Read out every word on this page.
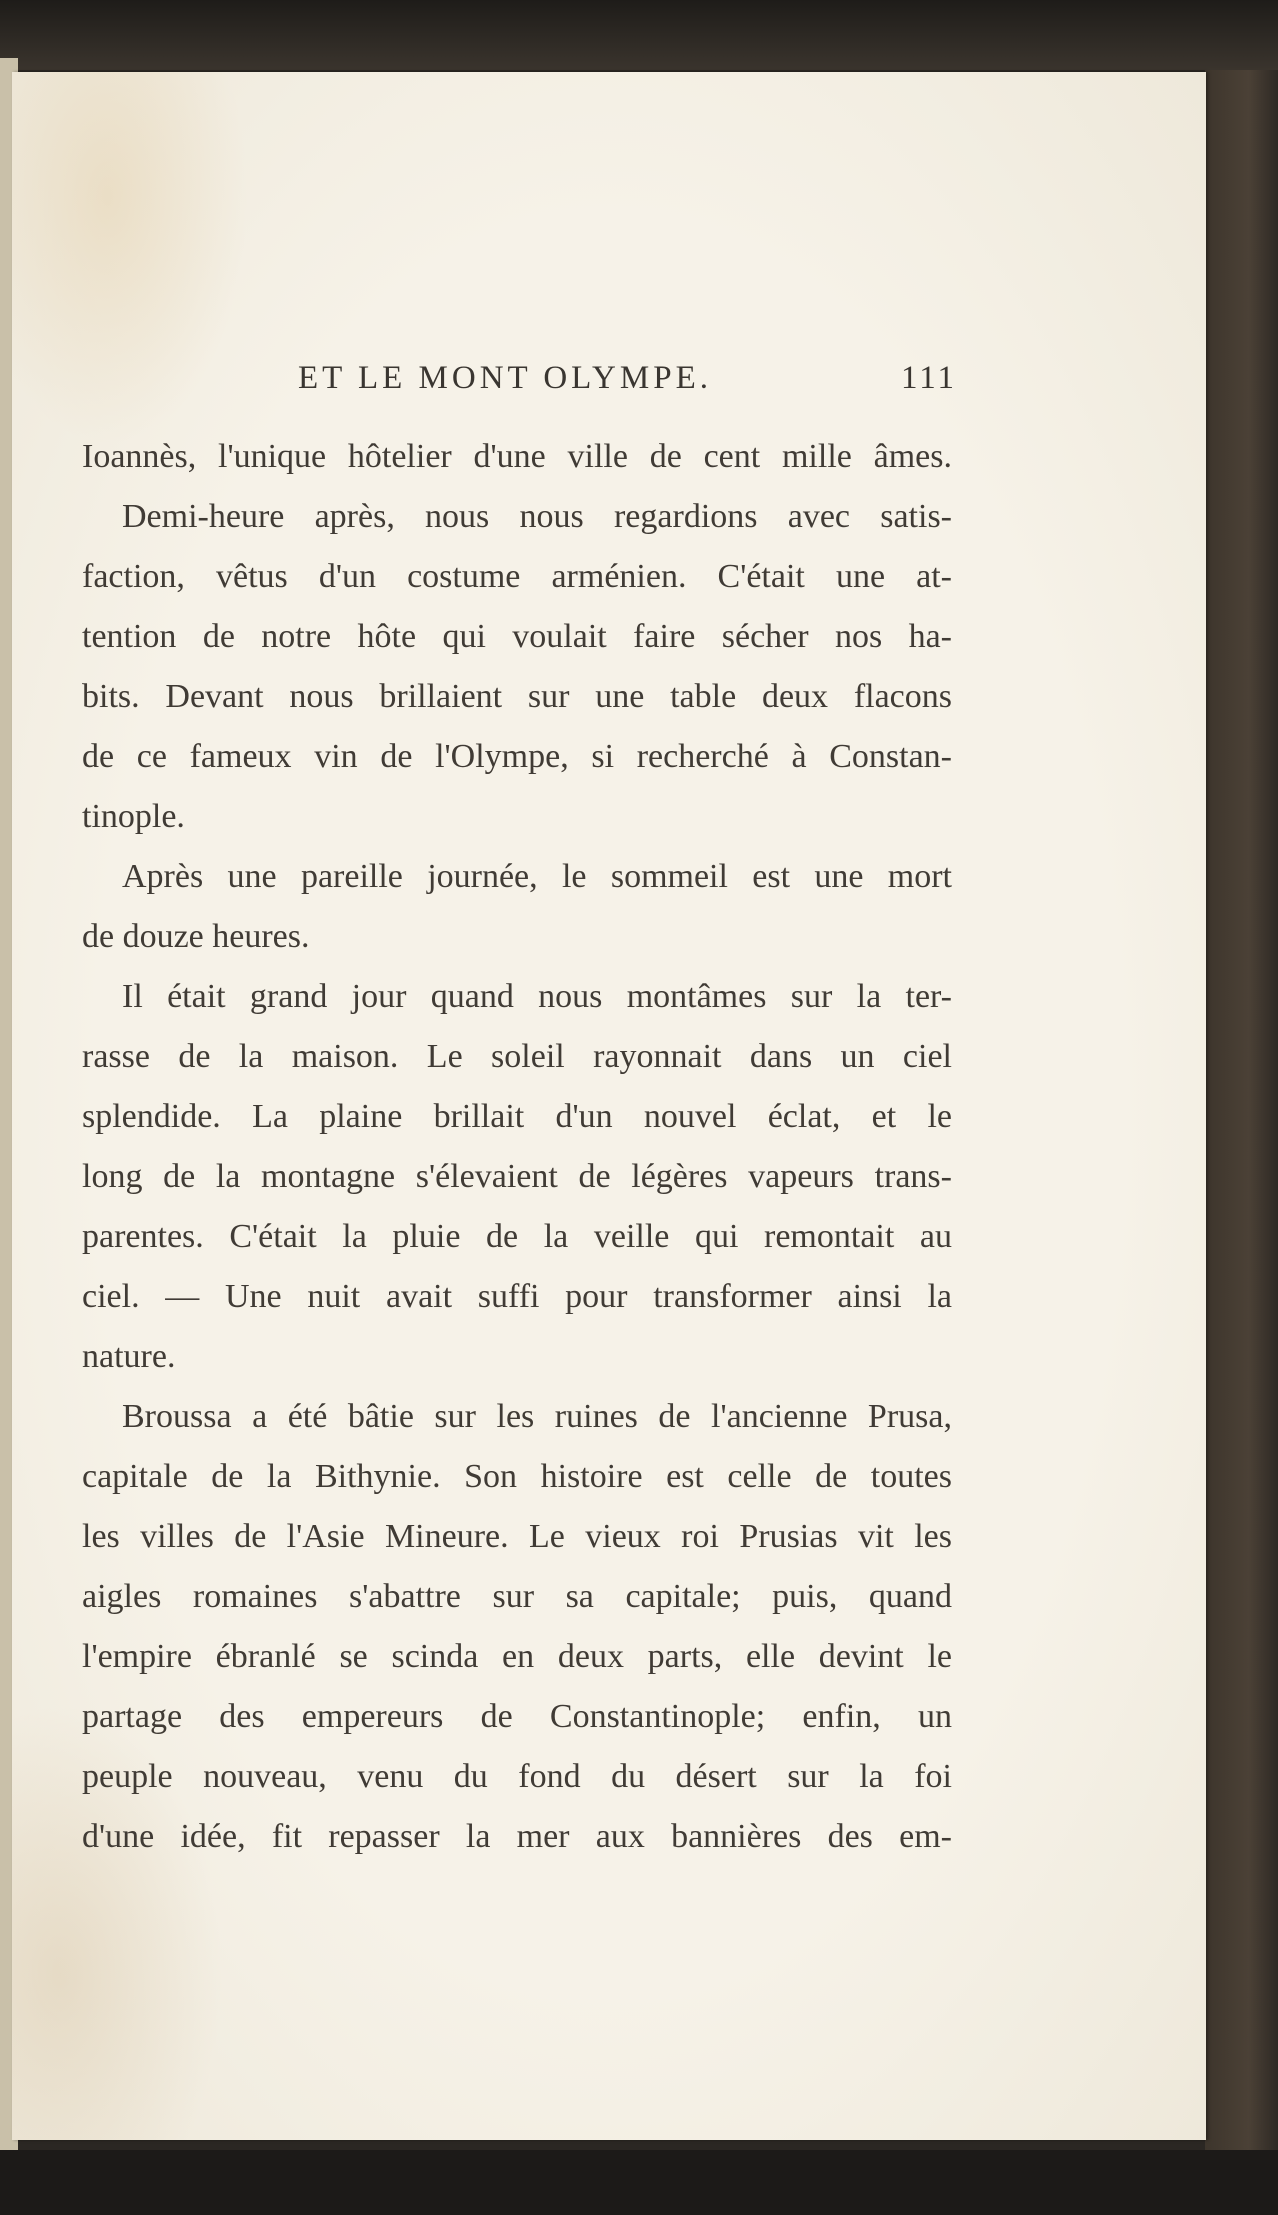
ET LE MONT OLYMPE.	111
Ioannès, l'unique hôtelier d'une ville de cent mille âmes.
Demi-heure après, nous nous regardions avec satis-
faction, vêtus d'un costume arménien. C'était une at-
tention de notre hôte qui voulait faire sécher nos ha-
bits. Devant nous brillaient sur une table deux flacons
de ce fameux vin de l'Olympe, si recherché à Constan-
tinople.
Après une pareille journée, le sommeil est une mort
de douze heures.
Il était grand jour quand nous montâmes sur la ter-
rasse de la maison. Le soleil rayonnait dans un ciel
splendide. La plaine brillait d'un nouvel éclat, et le
long de la montagne s'élevaient de légères vapeurs trans-
parentes. C'était la pluie de la veille qui remontait au
ciel. — Une nuit avait suffi pour transformer ainsi la
nature.
Broussa a été bâtie sur les ruines de l'ancienne Prusa,
capitale de la Bithynie. Son histoire est celle de toutes
les villes de l'Asie Mineure. Le vieux roi Prusias vit les
aigles romaines s'abattre sur sa capitale; puis, quand
l'empire ébranlé se scinda en deux parts, elle devint le
partage des empereurs de Constantinople; enfin, un
peuple nouveau, venu du fond du désert sur la foi
d'une idée, fit repasser la mer aux bannières des em-
